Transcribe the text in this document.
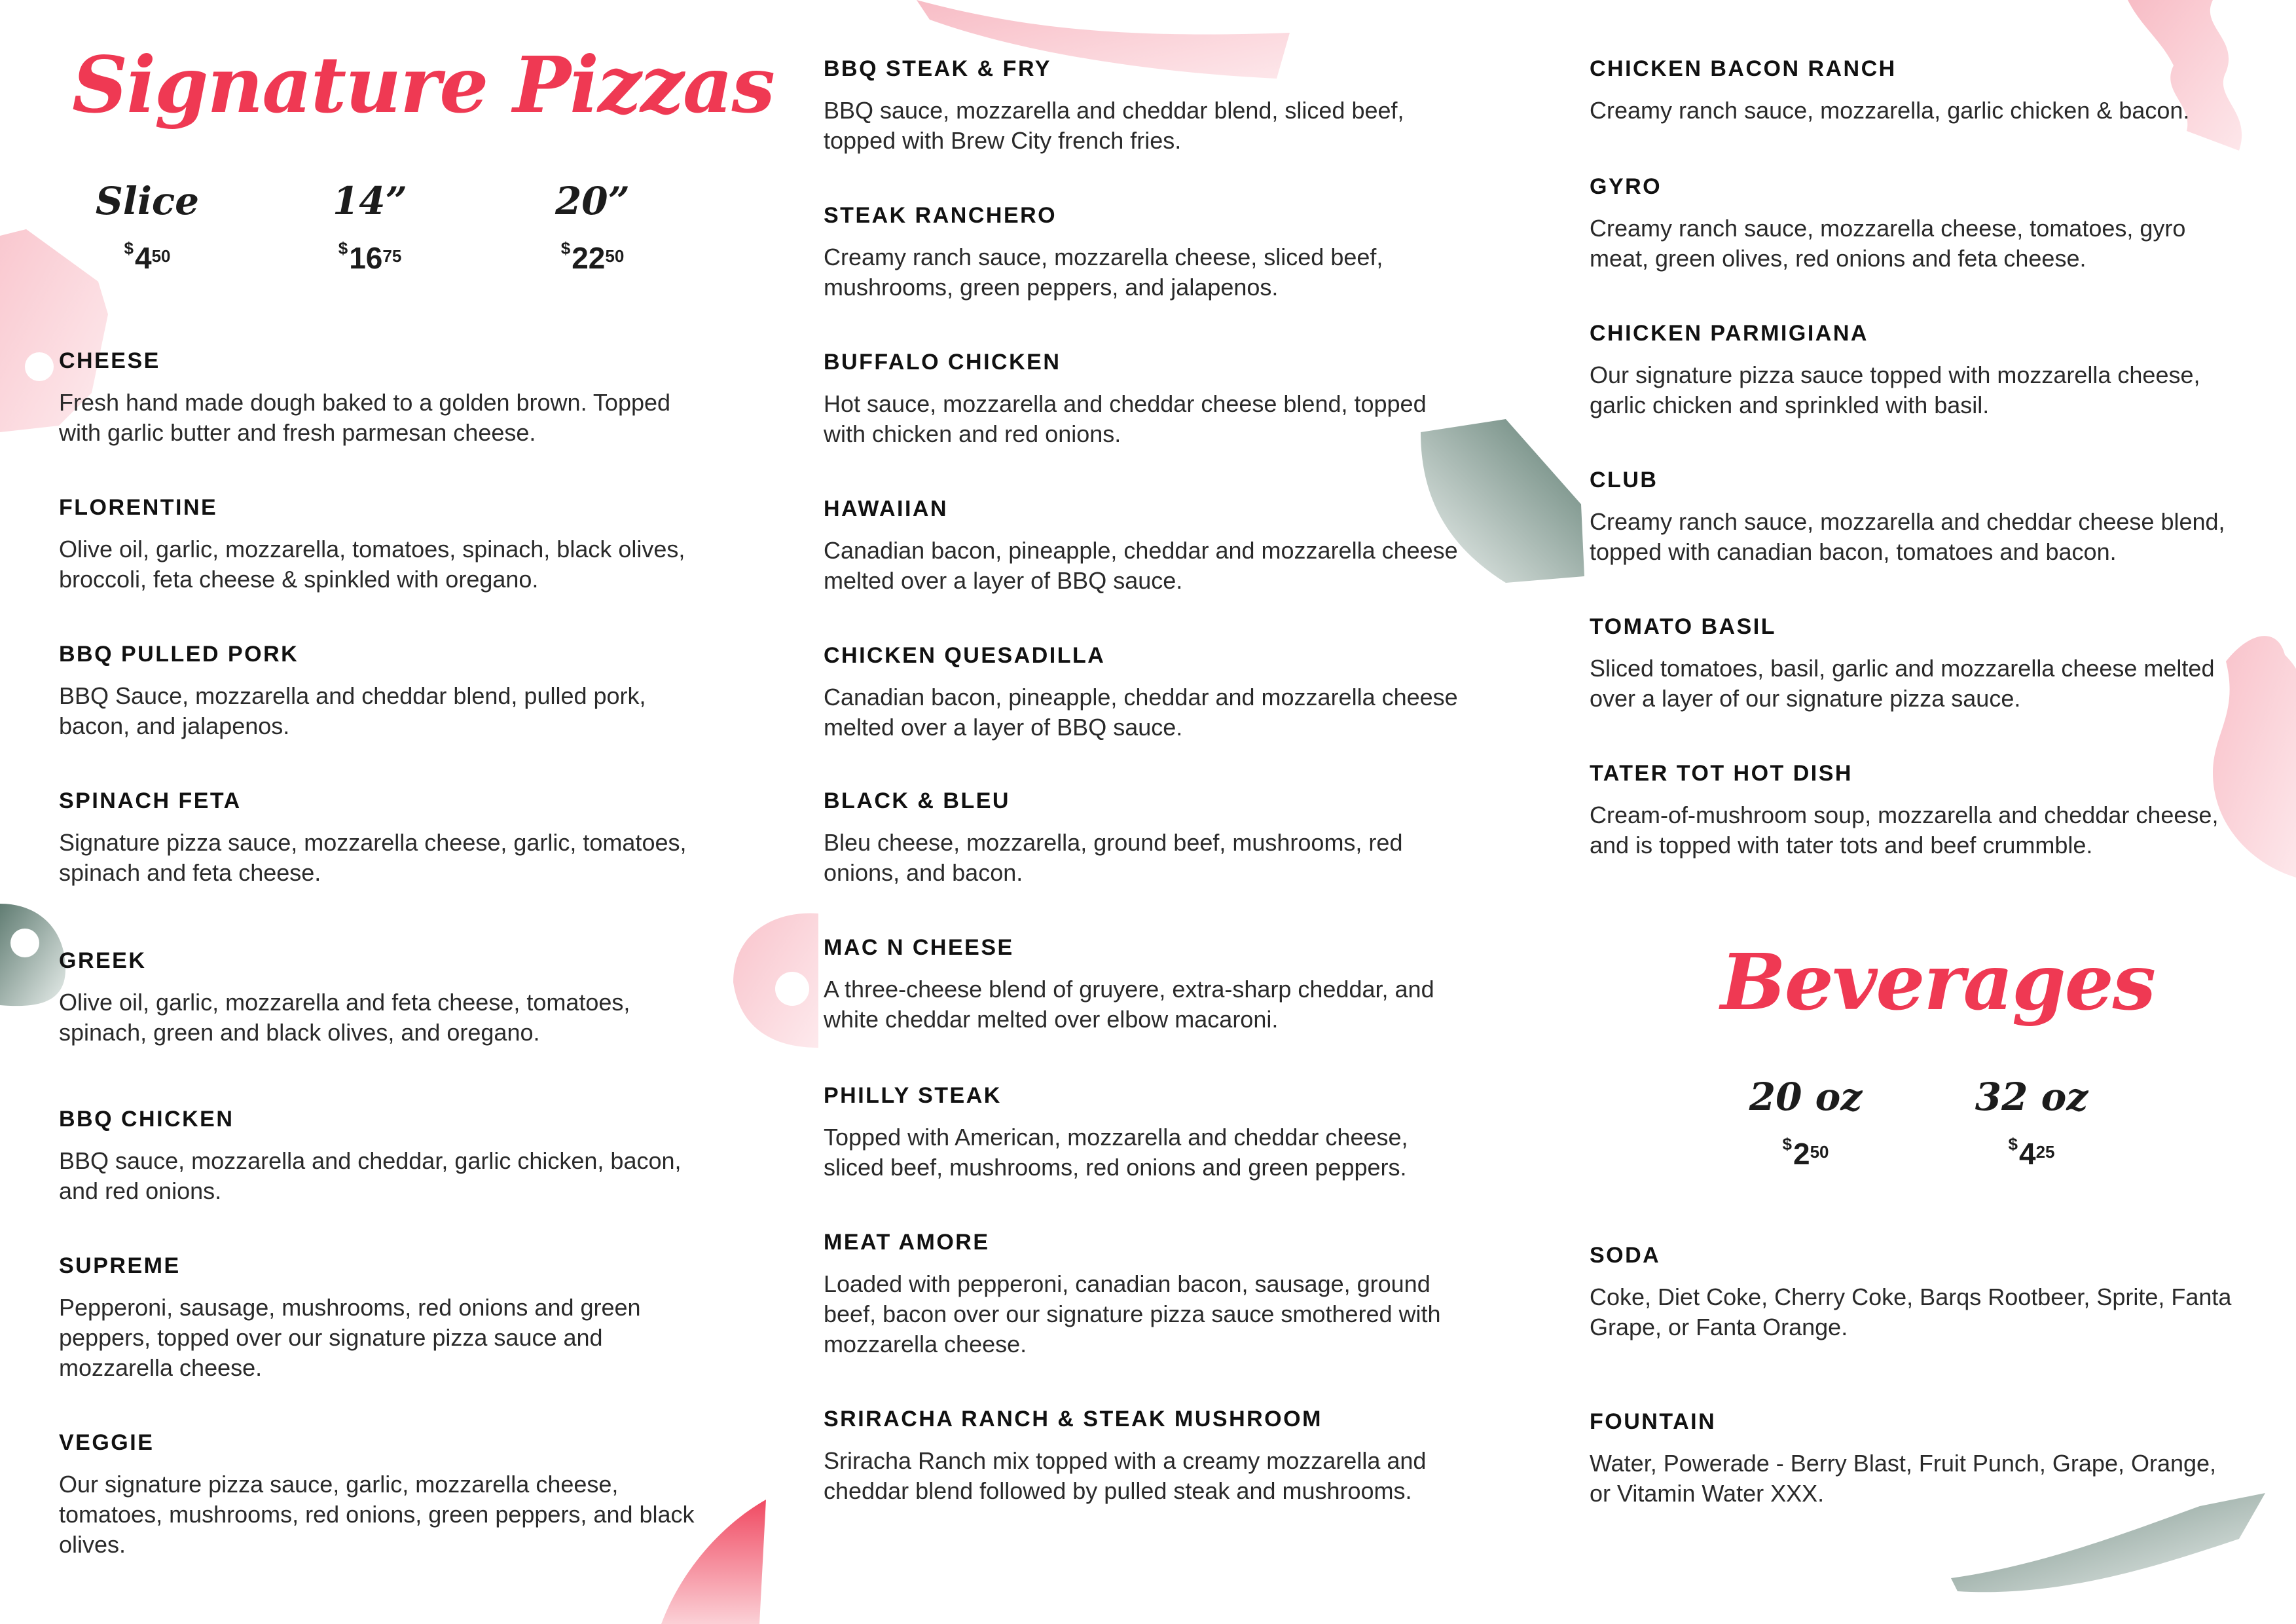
Signature Pizzas
Slice
$^{\$}4^{50}$
14”
$^{\$}16^{75}$
20”
$^{\$}22^{50}$
CHEESE
Fresh hand made dough baked to a golden brown. Topped with garlic butter and fresh parmesan cheese.
FLORENTINE
Olive oil, garlic, mozzarella, tomatoes, spinach, black olives, broccoli, feta cheese & spinkled with oregano.
BBQ PULLED PORK
BBQ Sauce, mozzarella and cheddar blend, pulled pork, bacon, and jalapenos.
SPINACH FETA
Signature pizza sauce, mozzarella cheese, garlic, tomatoes, spinach and feta cheese.
GREEK
Olive oil, garlic, mozzarella and feta cheese, tomatoes, spinach, green and black olives, and oregano.
BBQ CHICKEN
BBQ sauce, mozzarella and cheddar, garlic chicken, bacon, and red onions.
SUPREME
Pepperoni, sausage, mushrooms, red onions and green peppers, topped over our signature pizza sauce and mozzarella cheese.
VEGGIE
Our signature pizza sauce, garlic, mozzarella cheese, tomatoes, mushrooms, red onions, green peppers, and black olives.
BBQ STEAK & FRY
BBQ sauce, mozzarella and cheddar blend, sliced beef, topped with Brew City french fries.
STEAK RANCHERO
Creamy ranch sauce, mozzarella cheese, sliced beef, mushrooms, green peppers, and jalapenos.
BUFFALO CHICKEN
Hot sauce, mozzarella and cheddar cheese blend, topped with chicken and red onions.
HAWAIIAN
Canadian bacon, pineapple, cheddar and mozzarella cheese melted over a layer of BBQ sauce.
CHICKEN QUESADILLA
Canadian bacon, pineapple, cheddar and mozzarella cheese melted over a layer of BBQ sauce.
BLACK & BLEU
Bleu cheese, mozzarella, ground beef, mushrooms, red onions, and bacon.
MAC N CHEESE
A three-cheese blend of gruyere, extra-sharp cheddar, and white cheddar melted over elbow macaroni.
PHILLY STEAK
Topped with American, mozzarella and cheddar cheese, sliced beef, mushrooms, red onions and green peppers.
MEAT AMORE
Loaded with pepperoni, canadian bacon, sausage, ground beef, bacon over our signature pizza sauce smothered with mozzarella cheese.
SRIRACHA RANCH & STEAK MUSHROOM
Sriracha Ranch mix topped with a creamy mozzarella and cheddar blend followed by pulled steak and mushrooms.
CHICKEN BACON RANCH
Creamy ranch sauce, mozzarella, garlic chicken & bacon.
GYRO
Creamy ranch sauce, mozzarella cheese, tomatoes, gyro meat, green olives, red onions and feta cheese.
CHICKEN PARMIGIANA
Our signature pizza sauce topped with mozzarella cheese, garlic chicken and sprinkled with basil.
CLUB
Creamy ranch sauce, mozzarella and cheddar cheese blend, topped with canadian bacon, tomatoes and bacon.
TOMATO BASIL
Sliced tomatoes, basil, garlic and mozzarella cheese melted over a layer of our signature pizza sauce.
TATER TOT HOT DISH
Cream-of-mushroom soup, mozzarella and cheddar cheese, and is topped with tater tots and beef crummble.
Beverages
20 oz
$^{\$}2^{50}$
32 oz
$^{\$}4^{25}$
SODA
Coke, Diet Coke, Cherry Coke, Barqs Rootbeer, Sprite, Fanta Grape, or Fanta Orange.
FOUNTAIN
Water, Powerade - Berry Blast, Fruit Punch, Grape, Orange, or Vitamin Water XXX.
